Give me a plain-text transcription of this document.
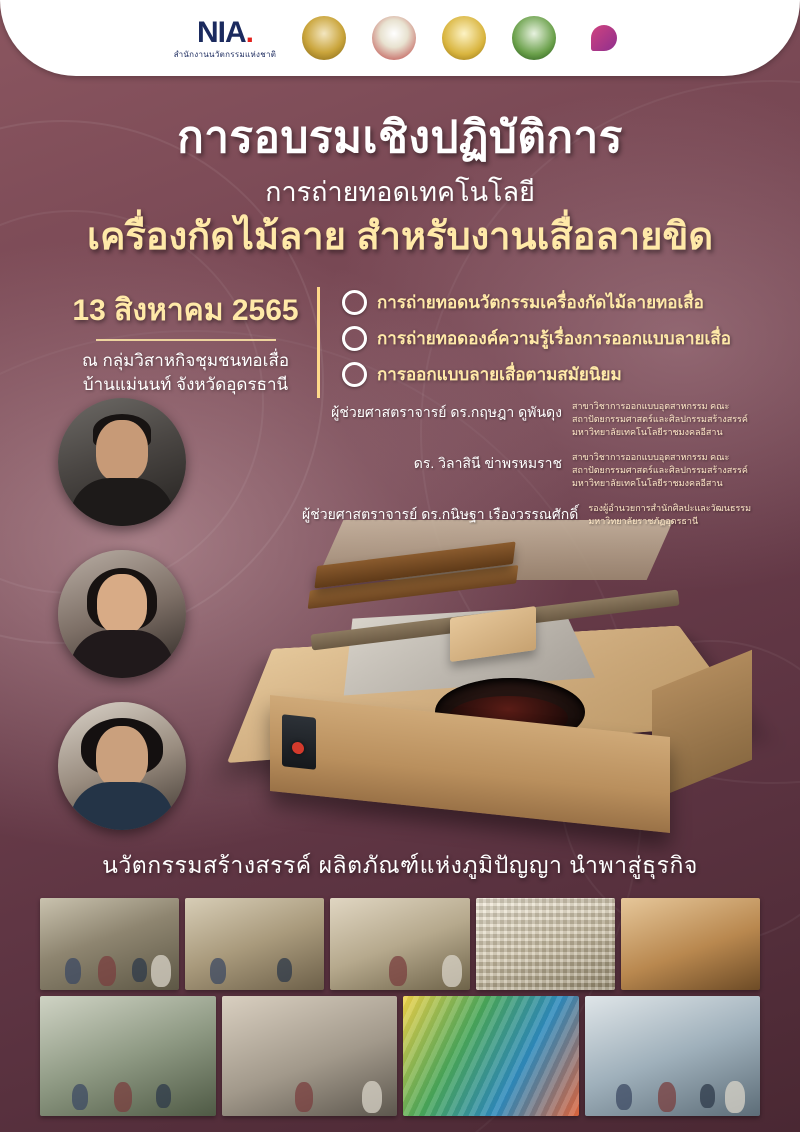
NIA.
สำนักงานนวัตกรรมแห่งชาติ
การอบรมเชิงปฏิบัติการ
การถ่ายทอดเทคโนโลยี
เครื่องกัดไม้ลาย สำหรับงานเสื่อลายขิด
13 สิงหาคม 2565
ณ กลุ่มวิสาหกิจชุมชนทอเสื่อ
บ้านแม่นนท์ จังหวัดอุดรธานี
การถ่ายทอดนวัตกรรมเครื่องกัดไม้ลายทอเสื่อ
การถ่ายทอดองค์ความรู้เรื่องการออกแบบลายเสื่อ
การออกแบบลายเสื่อตามสมัยนิยม
ผู้ช่วยศาสตราจารย์ ดร.กฤษฎา ดูพันดุง	สาขาวิชาการออกแบบอุตสาหกรรม คณะสถาปัตยกรรมศาสตร์และศิลปกรรมสร้างสรรค์ มหาวิทยาลัยเทคโนโลยีราชมงคลอีสาน
ดร. วิลาสินี ข่าพรหมราช	สาขาวิชาการออกแบบอุตสาหกรรม คณะสถาปัตยกรรมศาสตร์และศิลปกรรมสร้างสรรค์ มหาวิทยาลัยเทคโนโลยีราชมงคลอีสาน
ผู้ช่วยศาสตราจารย์ ดร.กนิษฐา เรืองวรรณศักดิ์	รองผู้อำนวยการสำนักศิลปะและวัฒนธรรม มหาวิทยาลัยราชภัฏอุดรธานี
นวัตกรรมสร้างสรรค์ ผลิตภัณฑ์แห่งภูมิปัญญา นำพาสู่ธุรกิจ
